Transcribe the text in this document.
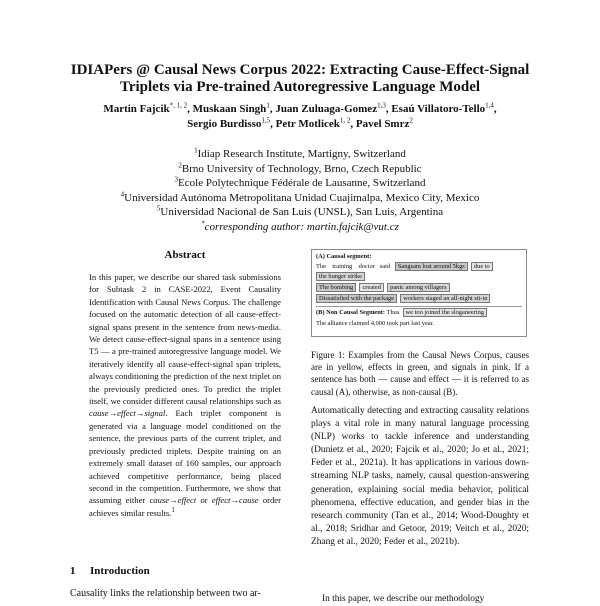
IDIAPers @ Causal News Corpus 2022: Extracting Cause-Effect-Signal
Triplets via Pre-trained Autoregressive Language Model
Martin Fajcik$^{*, 1, 2}$, Muskaan Singh$^1$, Juan Zuluaga-Gomez$^{1,3}$, Esaú Villatoro-Tello$^{1,4}$,
Sergio Burdisso$^{1,5}$, Petr Motlicek$^{1, 2}$, Pavel Smrz$^2$
$^1$Idiap Research Institute, Martigny, Switzerland
$^2$Brno University of Technology, Brno, Czech Republic
$^3$Ecole Polytechnique Fédérale de Lausanne, Switzerland
$^4$Universidad Autónoma Metropolitana Unidad Cuajimalpa, Mexico City, Mexico
$^5$Universidad Nacional de San Luis (UNSL), San Luis, Argentina
*corresponding author: martin.fajcik@vut.cz
Abstract
In this paper, we describe our shared task submissions for Subtask 2 in CASE-2022, Event Causality Identification with Causal News Corpus. The challenge focused on the automatic detection of all cause-effect-signal spans present in the sentence from news-media. We detect cause-effect-signal spans in a sentence using T5 — a pre-trained autoregressive language model. We iteratively identify all cause-effect-signal span triplets, always conditioning the prediction of the next triplet on the previously predicted ones. To predict the triplet itself, we consider different causal relationships such as cause→effect→signal. Each triplet component is generated via a language model conditioned on the sentence, the previous parts of the current triplet, and previously predicted triplets. Despite training on an extremely small dataset of 160 samples, our approach achieved competitive performance, being placed second in the competition. Furthermore, we show that assuming either cause→effect or effect→cause order achieves similar results.$^1$
1 Introduction
Causality links the relationship between two ar-
(A) Causal segment:
The training doctor said Sangsam lost around 5kgs due to
the hunger strike
The bombing created panic among villagers
Dissatisfied with the package workers staged an all-night sit-in
(B) Non Causal Segment: Thus we too joined the sloganeering
The alliance claimed 4,000 took part last year.
Figure 1: Examples from the Causal News Corpus, causes are in yellow, effects in green, and signals in pink. If a sentence has both — cause and effect — it is referred to as causal (A), otherwise, as non-causal (B).
Automatically detecting and extracting causality relations plays a vital role in many natural language processing (NLP) works to tackle inference and understanding (Dunietz et al., 2020; Fajcik et al., 2020; Jo et al., 2021; Feder et al., 2021a). It has applications in various down-streaming NLP tasks, namely, causal question-answering generation, explaining social media behavior, political phenomena, effective education, and gender bias in the research community (Tan et al., 2014; Wood-Doughty et al., 2018; Sridhar and Getoor, 2019; Veitch et al., 2020; Zhang et al., 2020; Feder et al., 2021b).
In this paper, we describe our methodology
